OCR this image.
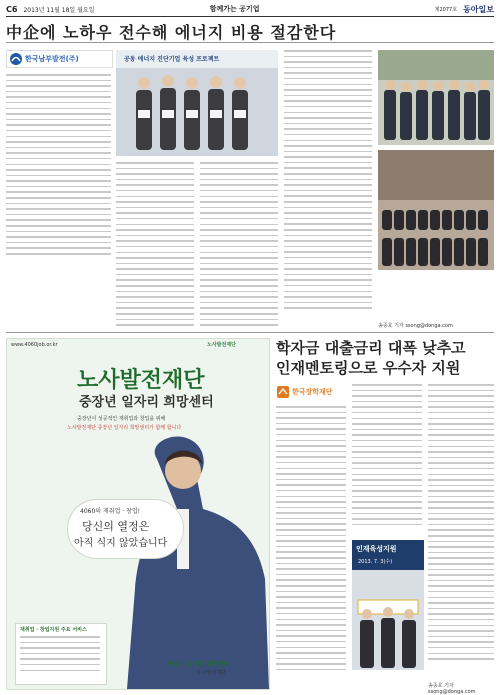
C6 2013년 11월 18일 월요일	함께가는 공기업	제2077호 동아일보
中企에 노하우 전수해 에너지 비용 절감한다
한국남부발전(주)	공동 에너지 진단기업 육성 프로젝트
송종호 기자 ssong@donga.com
www.4060job.or.kr	노사발전재단
노사발전재단
중장년 일자리 희망센터
중장년이 성공적인 재취업과 창업을 위해
노사발전재단 중장년 일자리 희망센터가 함께 합니다
4060의 재취업 · 창업!
당신의 열정은
아직 식지 않았습니다
재취업 · 창업지원 주요 서비스
중장년 일자리 희망센터
노사발전재단
학자금 대출금리 대폭 낮추고
인재멘토링으로 우수자 지원
한국장학재단
인재육성지원
2013. 7. 3(수)
송종호 기자 ssong@donga.com
